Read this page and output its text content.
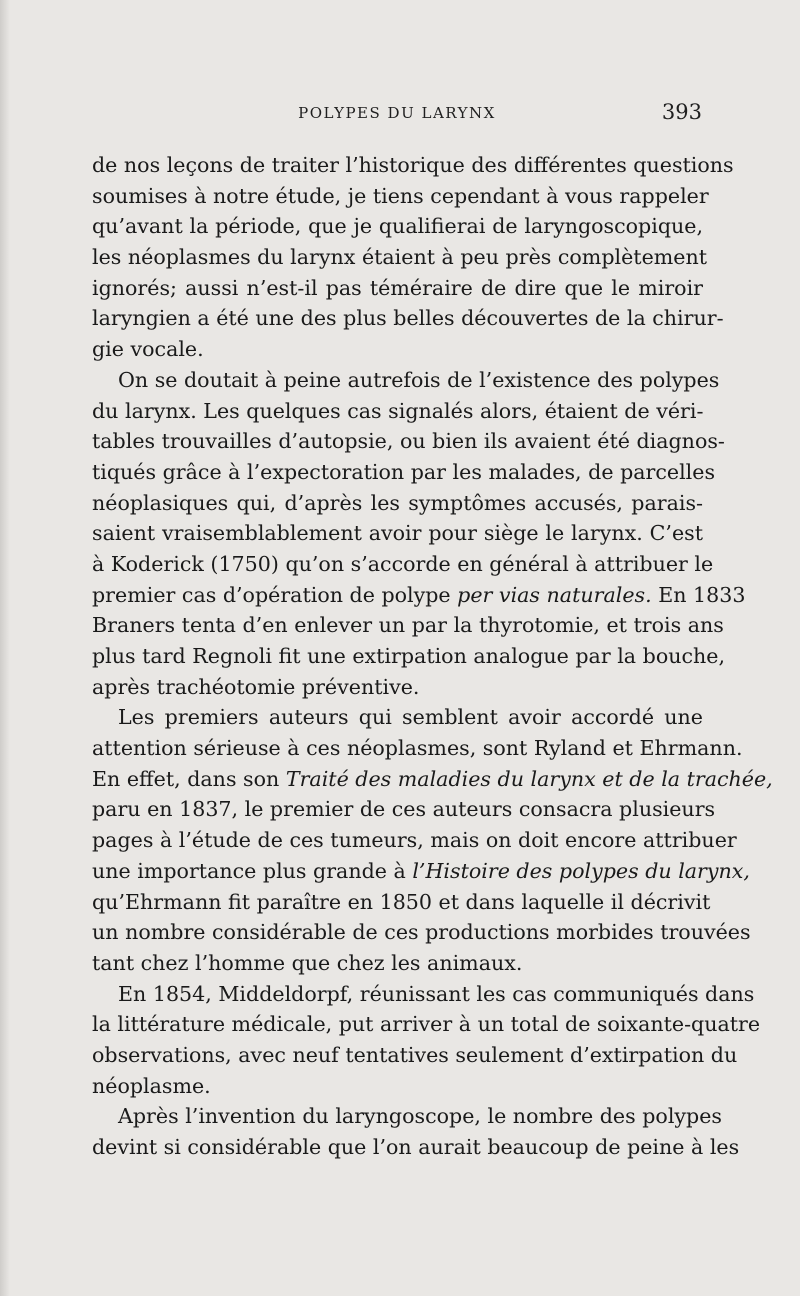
POLYPES DU LARYNX	393
de nos leçons de traiter l’historique des différentes questions
soumises à notre étude, je tiens cependant à vous rappeler
qu’avant la période, que je qualifierai de laryngoscopique,
les néoplasmes du larynx étaient à peu près complètement
ignorés; aussi n’est-il pas téméraire de dire que le miroir
laryngien a été une des plus belles découvertes de la chirur-
gie vocale.
On se doutait à peine autrefois de l’existence des polypes
du larynx. Les quelques cas signalés alors, étaient de véri-
tables trouvailles d’autopsie, ou bien ils avaient été diagnos-
tiqués grâce à l’expectoration par les malades, de parcelles
néoplasiques qui, d’après les symptômes accusés, parais-
saient vraisemblablement avoir pour siège le larynx. C’est
à Koderick (1750) qu’on s’accorde en général à attribuer le
premier cas d’opération de polype per vias naturales. En 1833
Braners tenta d’en enlever un par la thyrotomie, et trois ans
plus tard Regnoli fit une extirpation analogue par la bouche,
après trachéotomie préventive.
Les premiers auteurs qui semblent avoir accordé une
attention sérieuse à ces néoplasmes, sont Ryland et Ehrmann.
En effet, dans son Traité des maladies du larynx et de la trachée,
paru en 1837, le premier de ces auteurs consacra plusieurs
pages à l’étude de ces tumeurs, mais on doit encore attribuer
une importance plus grande à l’Histoire des polypes du larynx,
qu’Ehrmann fit paraître en 1850 et dans laquelle il décrivit
un nombre considérable de ces productions morbides trouvées
tant chez l’homme que chez les animaux.
En 1854, Middeldorpf, réunissant les cas communiqués dans
la littérature médicale, put arriver à un total de soixante-quatre
observations, avec neuf tentatives seulement d’extirpation du
néoplasme.
Après l’invention du laryngoscope, le nombre des polypes
devint si considérable que l’on aurait beaucoup de peine à les
